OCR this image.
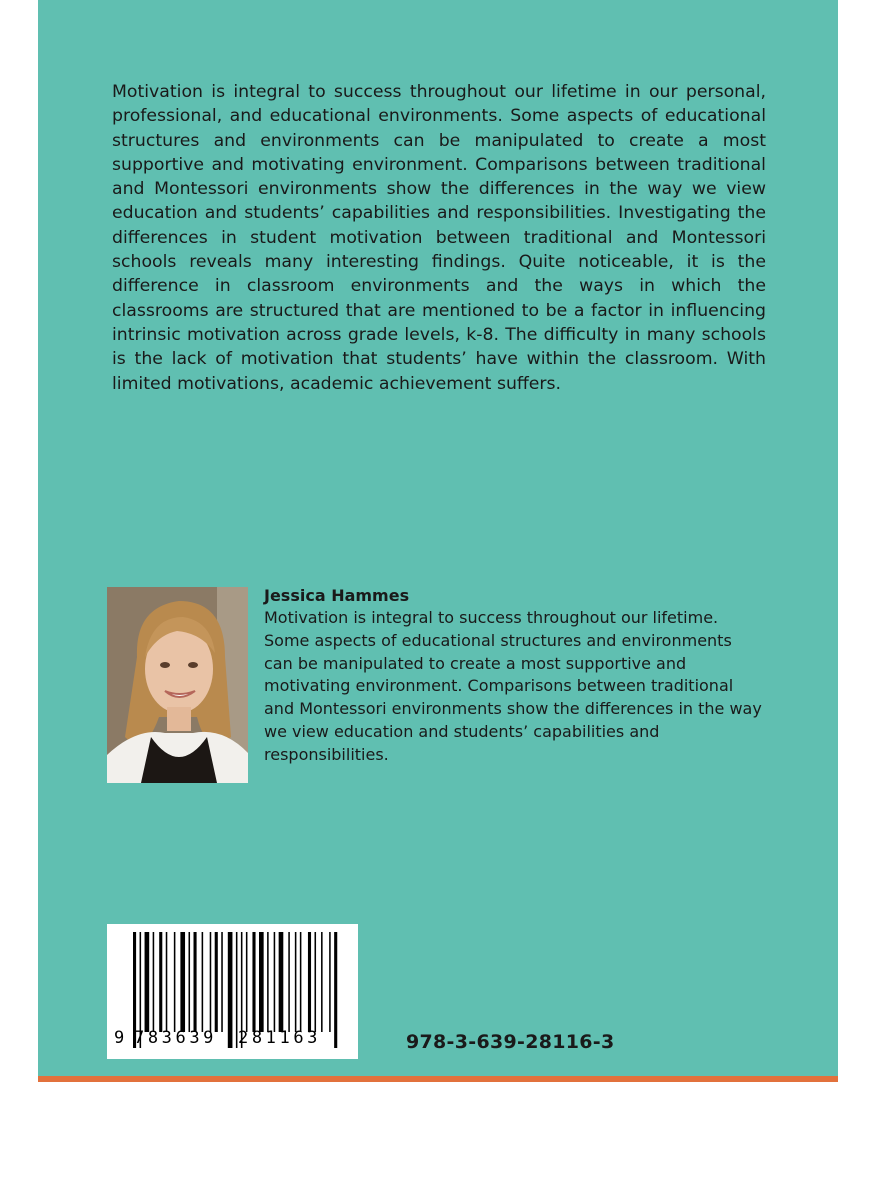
Motivation is integral to success throughout our lifetime in our personal, professional, and educational environments. Some aspects of educational structures and environments can be manipulated to create a most supportive and motivating environment. Comparisons between traditional and Montessori environments show the differences in the way we view education and students’ capabilities and responsibilities. Investigating the differences in student motivation between traditional and Montessori schools reveals many interesting findings. Quite noticeable, it is the difference in classroom environments and the ways in which the classrooms are structured that are mentioned to be a factor in influencing intrinsic motivation across grade levels, k-8. The difficulty in many schools is the lack of motivation that students’ have within the classroom. With limited motivations, academic achievement suffers.

Jessica Hammes

Motivation is integral to success throughout our lifetime. Some aspects of educational structures and environments can be manipulated to create a most supportive and motivating environment. Comparisons between traditional and Montessori environments show the differences in the way we view education and students’ capabilities and responsibilities.

9 783639 281163	978-3-639-28116-3
